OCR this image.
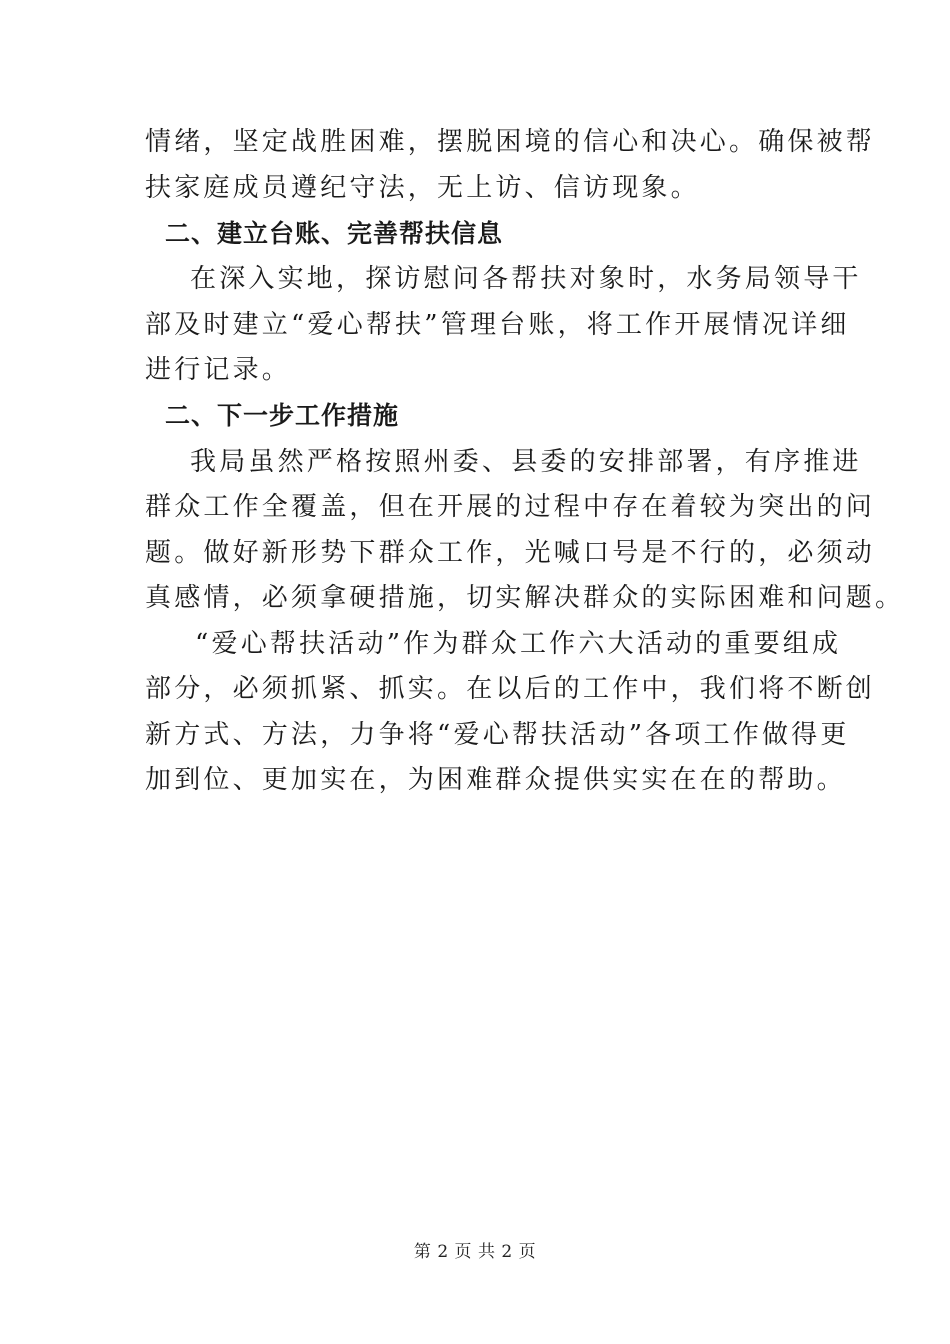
情绪，坚定战胜困难，摆脱困境的信心和决心。确保被帮
扶家庭成员遵纪守法，无上访、信访现象。
二、建立台账、完善帮扶信息
在深入实地，探访慰问各帮扶对象时，水务局领导干
部及时建立“爱心帮扶”管理台账，将工作开展情况详细
进行记录。
二、下一步工作措施
我局虽然严格按照州委、县委的安排部署，有序推进
群众工作全覆盖，但在开展的过程中存在着较为突出的问
题。做好新形势下群众工作，光喊口号是不行的，必须动
真感情，必须拿硬措施，切实解决群众的实际困难和问题。
“爱心帮扶活动”作为群众工作六大活动的重要组成
部分，必须抓紧、抓实。在以后的工作中，我们将不断创
新方式、方法，力争将“爱心帮扶活动”各项工作做得更
加到位、更加实在，为困难群众提供实实在在的帮助。
第 2 页 共 2 页
